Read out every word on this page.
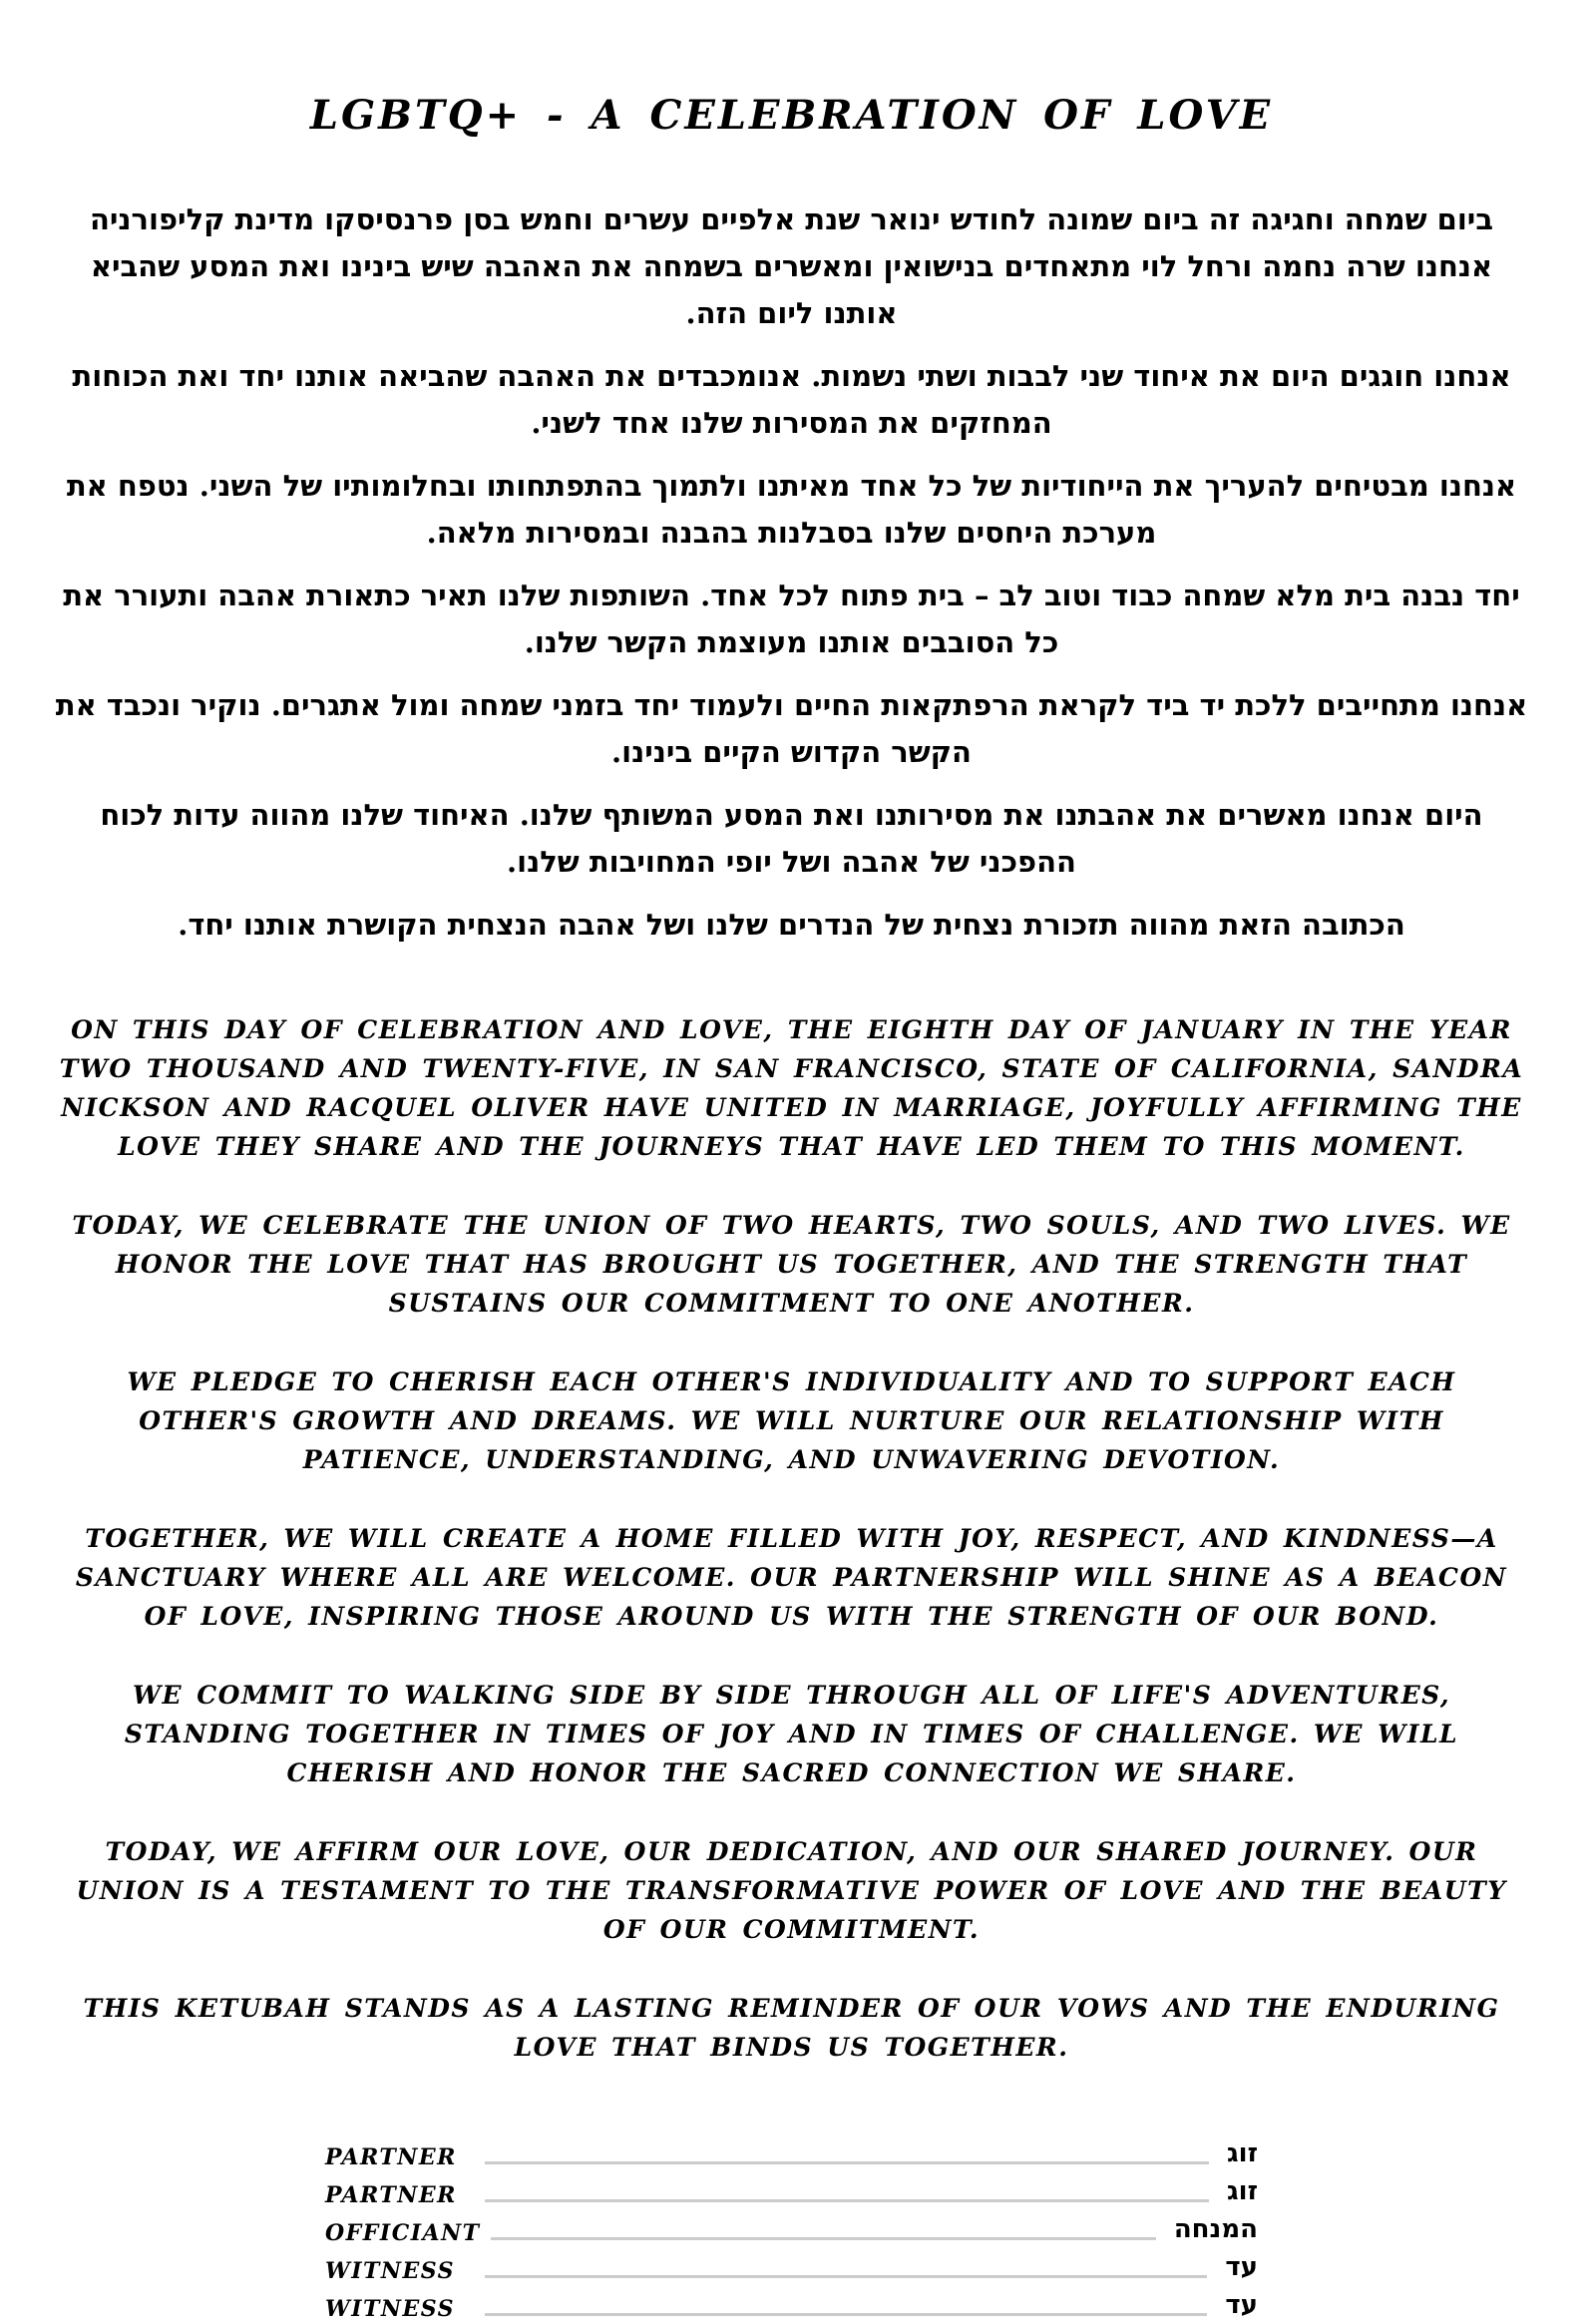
LGBTQ+ - A CELEBRATION OF LOVE

ביום שמחה וחגיגה זה ביום שמונה לחודש ינואר שנת אלפיים עשרים וחמש בסן פרנסיסקו מדינת קליפורניה אנחנו שרה נחמה ורחל לוי מתאחדים בנישואין ומאשרים בשמחה את האהבה שיש בינינו ואת המסע שהביא אותנו ליום הזה.

אנחנו חוגגים היום את איחוד שני לבבות ושתי נשמות. אנומכבדים את האהבה שהביאה אותנו יחד ואת הכוחות המחזקים את המסירות שלנו אחד לשני.

אנחנו מבטיחים להעריך את הייחודיות של כל אחד מאיתנו ולתמוך בהתפתחותו ובחלומותיו של השני. נטפח את מערכת היחסים שלנו בסבלנות בהבנה ובמסירות מלאה.

יחד נבנה בית מלא שמחה כבוד וטוב לב – בית פתוח לכל אחד. השותפות שלנו תאיר כתאורת אהבה ותעורר את כל הסובבים אותנו מעוצמת הקשר שלנו.

אנחנו מתחייבים ללכת יד ביד לקראת הרפתקאות החיים ולעמוד יחד בזמני שמחה ומול אתגרים. נוקיר ונכבד את הקשר הקדוש הקיים בינינו.

היום אנחנו מאשרים את אהבתנו את מסירותנו ואת המסע המשותף שלנו. האיחוד שלנו מהווה עדות לכוח ההפכני של אהבה ושל יופי המחויבות שלנו.

הכתובה הזאת מהווה תזכורת נצחית של הנדרים שלנו ושל אהבה הנצחית הקושרת אותנו יחד.

ON THIS DAY OF CELEBRATION AND LOVE, THE EIGHTH DAY OF JANUARY IN THE YEAR TWO THOUSAND AND TWENTY-FIVE, IN SAN FRANCISCO, STATE OF CALIFORNIA, SANDRA NICKSON AND RACQUEL OLIVER HAVE UNITED IN MARRIAGE, JOYFULLY AFFIRMING THE LOVE THEY SHARE AND THE JOURNEYS THAT HAVE LED THEM TO THIS MOMENT.

TODAY, WE CELEBRATE THE UNION OF TWO HEARTS, TWO SOULS, AND TWO LIVES. WE HONOR THE LOVE THAT HAS BROUGHT US TOGETHER, AND THE STRENGTH THAT SUSTAINS OUR COMMITMENT TO ONE ANOTHER.

WE PLEDGE TO CHERISH EACH OTHER'S INDIVIDUALITY AND TO SUPPORT EACH OTHER'S GROWTH AND DREAMS. WE WILL NURTURE OUR RELATIONSHIP WITH PATIENCE, UNDERSTANDING, AND UNWAVERING DEVOTION.

TOGETHER, WE WILL CREATE A HOME FILLED WITH JOY, RESPECT, AND KINDNESS—A SANCTUARY WHERE ALL ARE WELCOME. OUR PARTNERSHIP WILL SHINE AS A BEACON OF LOVE, INSPIRING THOSE AROUND US WITH THE STRENGTH OF OUR BOND.

WE COMMIT TO WALKING SIDE BY SIDE THROUGH ALL OF LIFE'S ADVENTURES, STANDING TOGETHER IN TIMES OF JOY AND IN TIMES OF CHALLENGE. WE WILL CHERISH AND HONOR THE SACRED CONNECTION WE SHARE.

TODAY, WE AFFIRM OUR LOVE, OUR DEDICATION, AND OUR SHARED JOURNEY. OUR UNION IS A TESTAMENT TO THE TRANSFORMATIVE POWER OF LOVE AND THE BEAUTY OF OUR COMMITMENT.

THIS KETUBAH STANDS AS A LASTING REMINDER OF OUR VOWS AND THE ENDURING LOVE THAT BINDS US TOGETHER.

PARTNER	זוג
PARTNER	זוג
OFFICIANT	המנחה
WITNESS	עד
WITNESS	עד
